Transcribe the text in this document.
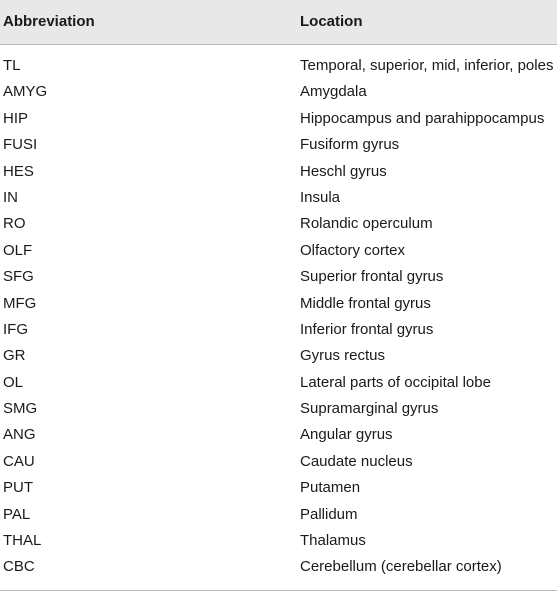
Abbreviation	Location
TL	Temporal, superior, mid, inferior, poles
AMYG	Amygdala
HIP	Hippocampus and parahippocampus
FUSI	Fusiform gyrus
HES	Heschl gyrus
IN	Insula
RO	Rolandic operculum
OLF	Olfactory cortex
SFG	Superior frontal gyrus
MFG	Middle frontal gyrus
IFG	Inferior frontal gyrus
GR	Gyrus rectus
OL	Lateral parts of occipital lobe
SMG	Supramarginal gyrus
ANG	Angular gyrus
CAU	Caudate nucleus
PUT	Putamen
PAL	Pallidum
THAL	Thalamus
CBC	Cerebellum (cerebellar cortex)
